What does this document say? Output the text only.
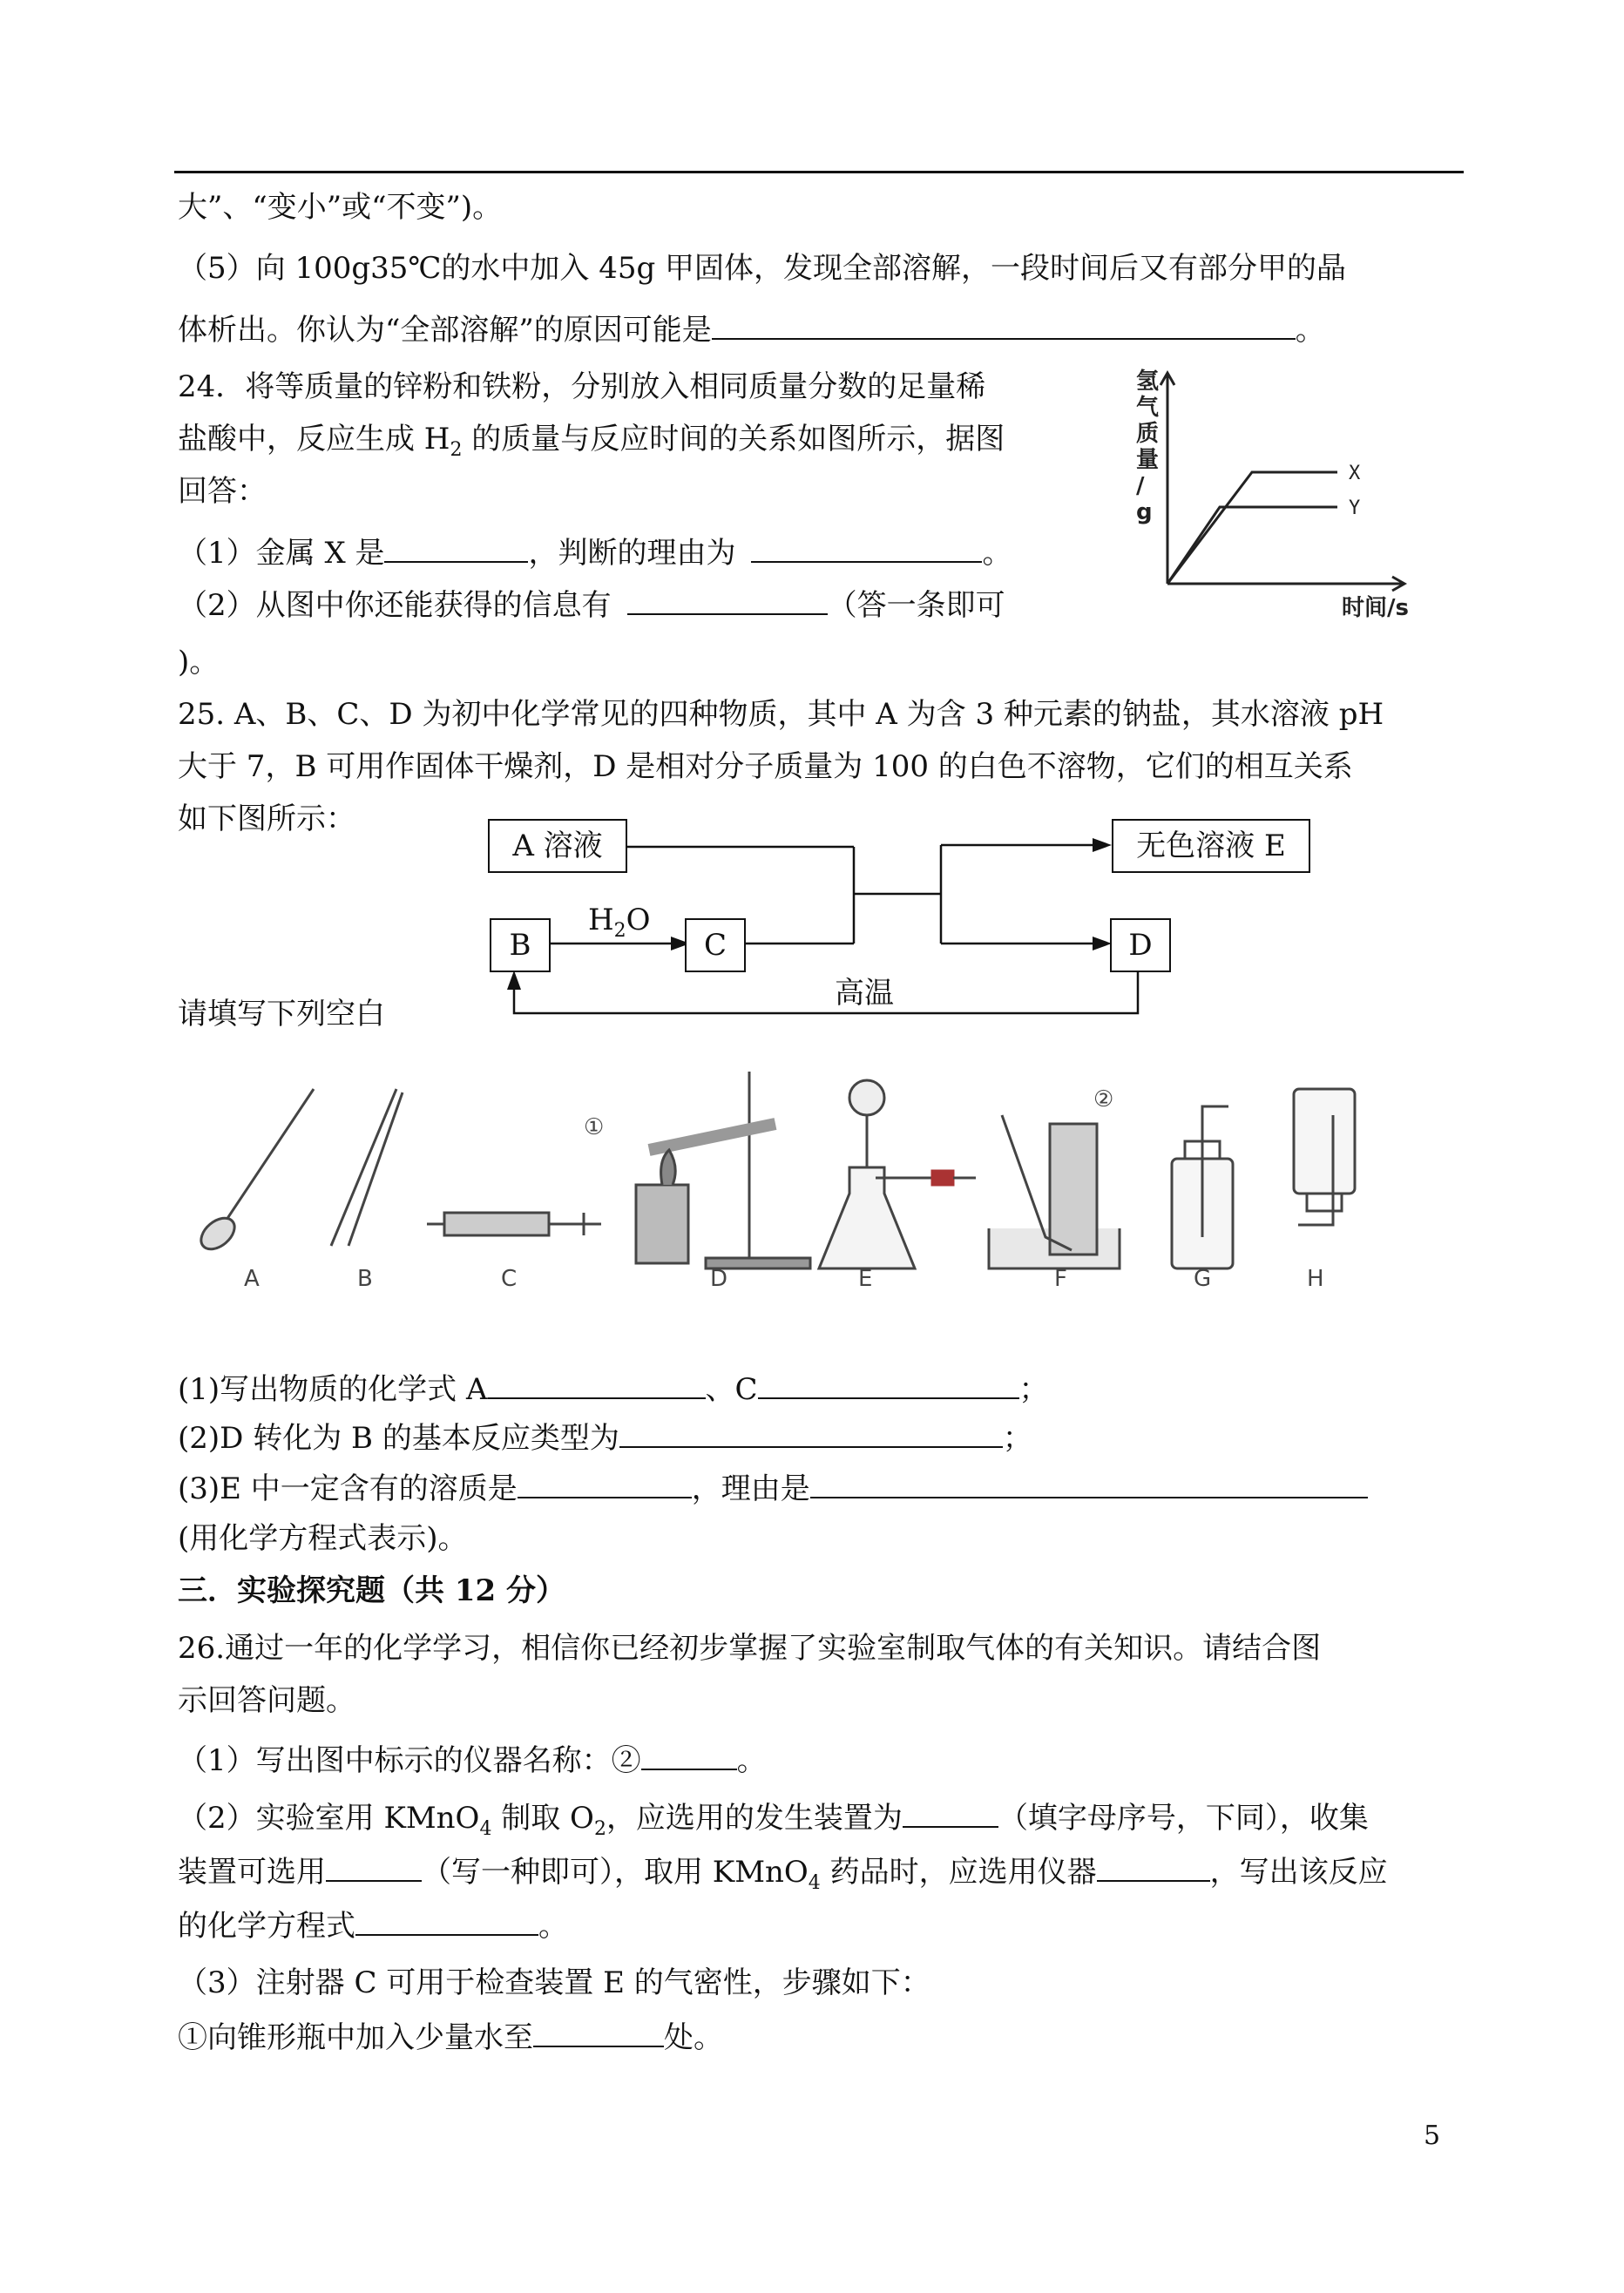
大”、“变小”或“不变”)。
（5）向 100g35℃的水中加入 45g 甲固体，发现全部溶解，一段时间后又有部分甲的晶
体析出。你认为“全部溶解”的原因可能是	。
24．将等质量的锌粉和铁粉，分别放入相同质量分数的足量稀
盐酸中，反应生成 $H_2$ 的质量与反应时间的关系如图所示，据图
回答：
（1）金属 X 是	，判断的理由为	。
（2）从图中你还能获得的信息有	（答一条即可
)。
X
Y
时间/s
氢气质量/ g
25. A、B、C、D 为初中化学常见的四种物质，其中 A 为含 3 种元素的钠盐，其水溶液 pH
大于 7，B 可用作固体干燥剂，D 是相对分子质量为 100 的白色不溶物，它们的相互关系
如下图所示：
A 溶液	无色溶液 E
B	C	D
$H_2O$
高温
请填写下列空白
①
②
A	B	C	D	E	F	G	H
(1)写出物质的化学式 A	、C	；
(2)D 转化为 B 的基本反应类型为	；
(3)E 中一定含有的溶质是	，理由是
(用化学方程式表示)。
三．实验探究题（共 12 分）
26.通过一年的化学学习，相信你已经初步掌握了实验室制取气体的有关知识。请结合图
示回答问题。
（1）写出图中标示的仪器名称：②	。
（2）实验室用 KMnO$_4$ 制取 $O_2$，应选用的发生装置为	（填字母序号，下同），收集
装置可选用	（写一种即可），取用 KMnO$_4$ 药品时，应选用仪器	，写出该反应
的化学方程式	。
（3）注射器 C 可用于检查装置 E 的气密性，步骤如下：
①向锥形瓶中加入少量水至	处。
5
